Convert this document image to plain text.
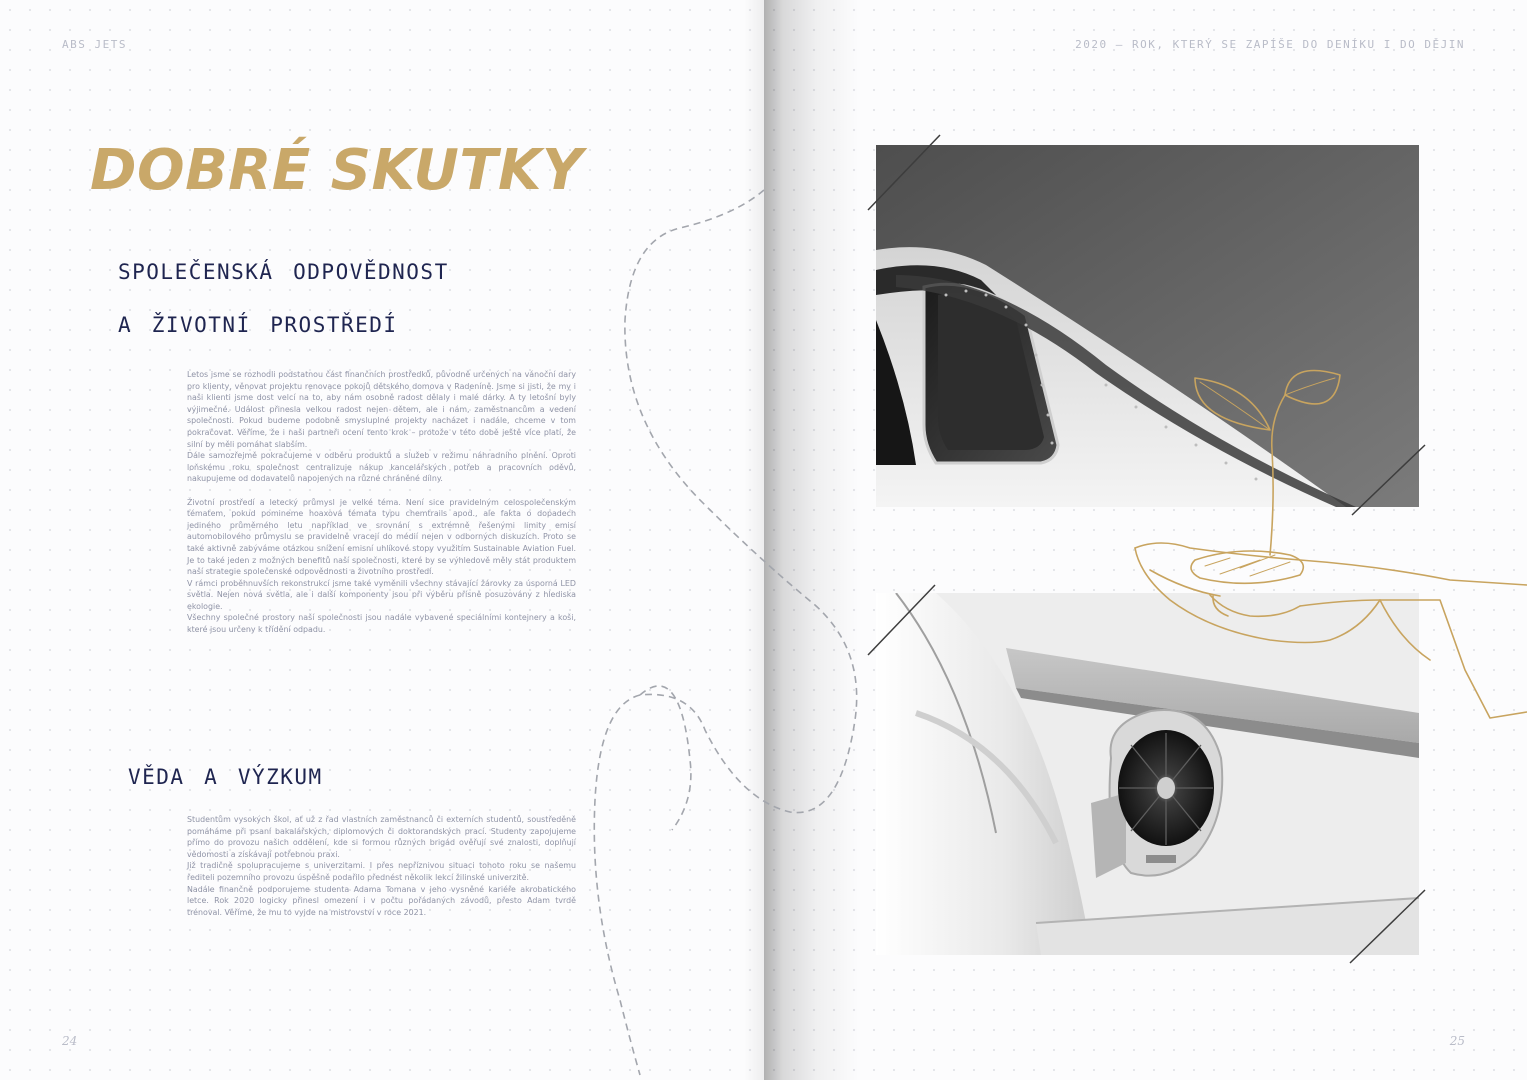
ABS JETS
DOBRÉ SKUTKY
společenská odpovědnost
a životní prostředí

Letos jsme se rozhodli podstatnou část finančních prostředků, původně určených na vánoční dary pro klienty, věnovat projektu renovace pokojů dětského domova v Radeníně. Jsme si jisti, že my i naši klienti jsme dost velcí na to, aby nám osobně radost dělaly i malé dárky. A ty letošní byly výjimečné. Událost přinesla velkou radost nejen dětem, ale i nám, zaměstnancům a vedení společnosti. Pokud budeme podobně smysluplné projekty nacházet i nadále, chceme v tom pokračovat. Věříme, že i naši partneři ocení tento krok – protože v této době ještě více platí, že silní by měli pomáhat slabším.

Dále samozřejmě pokračujeme v odběru produktů a služeb v režimu náhradního plnění. Oproti loňskému roku společnost centralizuje nákup kancelářských potřeb a pracovních oděvů, nakupujeme od dodavatelů napojených na různé chráněné dílny.

Životní prostředí a letecký průmysl je velké téma. Není sice pravidelným celospolečenským tématem, pokud pomineme hoaxová témata typu chemtrails apod., ale fakta o dopadech jediného průměrného letu například ve srovnání s extrémně řešenými limity emisí automobilového průmyslu se pravidelně vracejí do médií nejen v odborných diskuzích. Proto se také aktivně zabýváme otázkou snížení emisní uhlíkové stopy využitím Sustainable Aviation Fuel. Je to také jeden z možných benefitů naší společnosti, které by se výhledově měly stát produktem naší strategie společenské odpovědnosti a životního prostředí.

V rámci proběhnuvších rekonstrukcí jsme také vyměnili všechny stávající žárovky za úsporná LED světla. Nejen nová světla, ale i další komponenty jsou při výběru přísně posuzovány z hlediska ekologie.

Všechny společné prostory naší společnosti jsou nadále vybavené speciálními kontejnery a koši, které jsou určeny k třídění odpadu.

věda a výzkum

Studentům vysokých škol, ať už z řad vlastních zaměstnanců či externích studentů, soustředěně pomáháme při psaní bakalářských, diplomových či doktorandských prací. Studenty zapojujeme přímo do provozu našich oddělení, kde si formou různých brigád ověřují své znalosti, doplňují vědomosti a získávají potřebnou praxi.

Již tradičně spolupracujeme s univerzitami. I přes nepříznivou situaci tohoto roku se našemu řediteli pozemního provozu úspěšně podařilo přednést několik lekcí žilinské univerzitě.

Nadále finančně podporujeme studenta Adama Tomana v jeho vysněné kariéře akrobatického letce. Rok 2020 logicky přinesl omezení i v počtu pořádaných závodů, přesto Adam tvrdě trénoval. Věříme, že mu to vyjde na mistrovství v roce 2021.

24
2020 – ROK, KTERÝ SE ZAPÍŠE DO DENÍKU I DO DĚJIN
25
